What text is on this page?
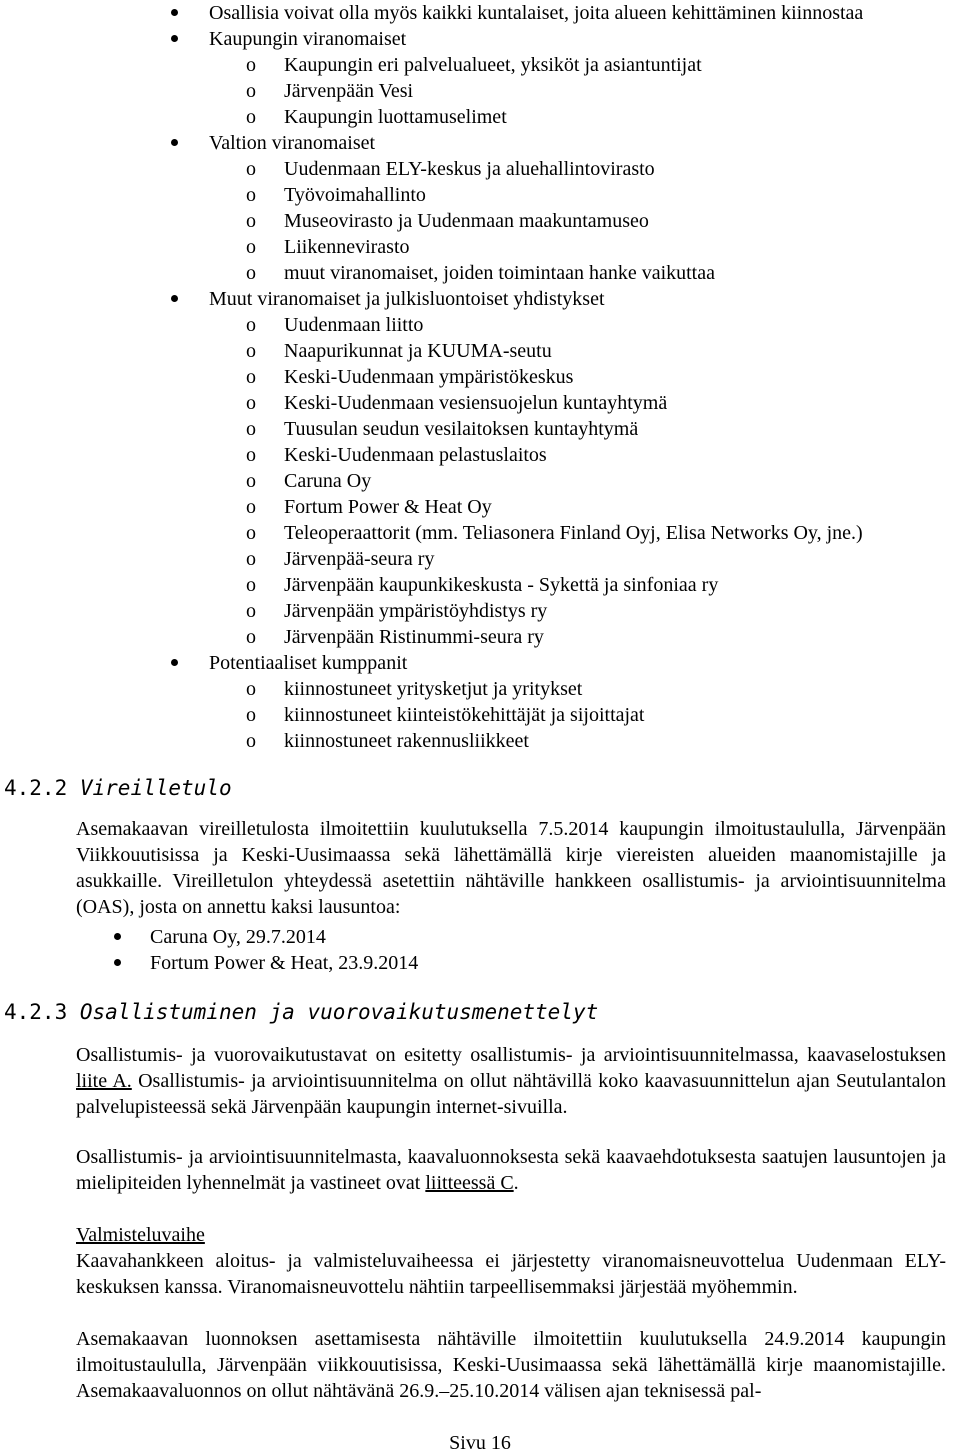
Osallisia voivat olla myös kaikki kuntalaiset, joita alueen kehittäminen kiinnostaa
Kaupungin viranomaiset
o Kaupungin eri palvelualueet, yksiköt ja asiantuntijat
o Järvenpään Vesi
o Kaupungin luottamuselimet
Valtion viranomaiset
o Uudenmaan ELY-keskus ja aluehallintovirasto
o Työvoimahallinto
o Museovirasto ja Uudenmaan maakuntamuseo
o Liikennevirasto
o muut viranomaiset, joiden toimintaan hanke vaikuttaa
Muut viranomaiset ja julkisluontoiset yhdistykset
o Uudenmaan liitto
o Naapurikunnat ja KUUMA-seutu
o Keski-Uudenmaan ympäristökeskus
o Keski-Uudenmaan vesiensuojelun kuntayhtymä
o Tuusulan seudun vesilaitoksen kuntayhtymä
o Keski-Uudenmaan pelastuslaitos
o Caruna Oy
o Fortum Power & Heat Oy
o Teleoperaattorit (mm. Teliasonera Finland Oyj, Elisa Networks Oy, jne.)
o Järvenpää-seura ry
o Järvenpään kaupunkikeskusta - Sykettä ja sinfoniaa ry
o Järvenpään ympäristöyhdistys ry
o Järvenpään Ristinummi-seura ry
Potentiaaliset kumppanit
o kiinnostuneet yritysketjut ja yritykset
o kiinnostuneet kiinteistökehittäjät ja sijoittajat
o kiinnostuneet rakennusliikkeet
4.2.2 Vireilletulo
Asemakaavan vireilletulosta ilmoitettiin kuulutuksella 7.5.2014 kaupungin ilmoitustaululla, Järvenpään Viikkouutisissa ja Keski-Uusimaassa sekä lähettämällä kirje viereisten alueiden maanomistajille ja asukkaille. Vireilletulon yhteydessä asetettiin nähtäville hankkeen osallistumis- ja arviointisuunnitelma (OAS), josta on annettu kaksi lausuntoa:
Caruna Oy, 29.7.2014
Fortum Power & Heat, 23.9.2014
4.2.3 Osallistuminen ja vuorovaikutusmenettelyt
Osallistumis- ja vuorovaikutustavat on esitetty osallistumis- ja arviointisuunnitelmassa, kaavaselostuksen liite A. Osallistumis- ja arviointisuunnitelma on ollut nähtävillä koko kaavasuunnittelun ajan Seutulantalon palvelupisteessä sekä Järvenpään kaupungin internet-sivuilla.
Osallistumis- ja arviointisuunnitelmasta, kaavaluonnoksesta sekä kaavaehdotuksesta saatujen lausuntojen ja mielipiteiden lyhennelmät ja vastineet ovat liitteessä C.
Valmisteluvaihe
Kaavahankkeen aloitus- ja valmisteluvaiheessa ei järjestetty viranomaisneuvottelua Uudenmaan ELY-keskuksen kanssa. Viranomaisneuvottelu nähtiin tarpeellisemmaksi järjestää myöhemmin.
Asemakaavan luonnoksen asettamisesta nähtäville ilmoitettiin kuulutuksella 24.9.2014 kaupungin ilmoitustaululla, Järvenpään viikkouutisissa, Keski-Uusimaassa sekä lähettämällä kirje maanomistajille. Asemakaavaluonnos on ollut nähtävänä 26.9.–25.10.2014 välisen ajan teknisessä pal-
Sivu 16
